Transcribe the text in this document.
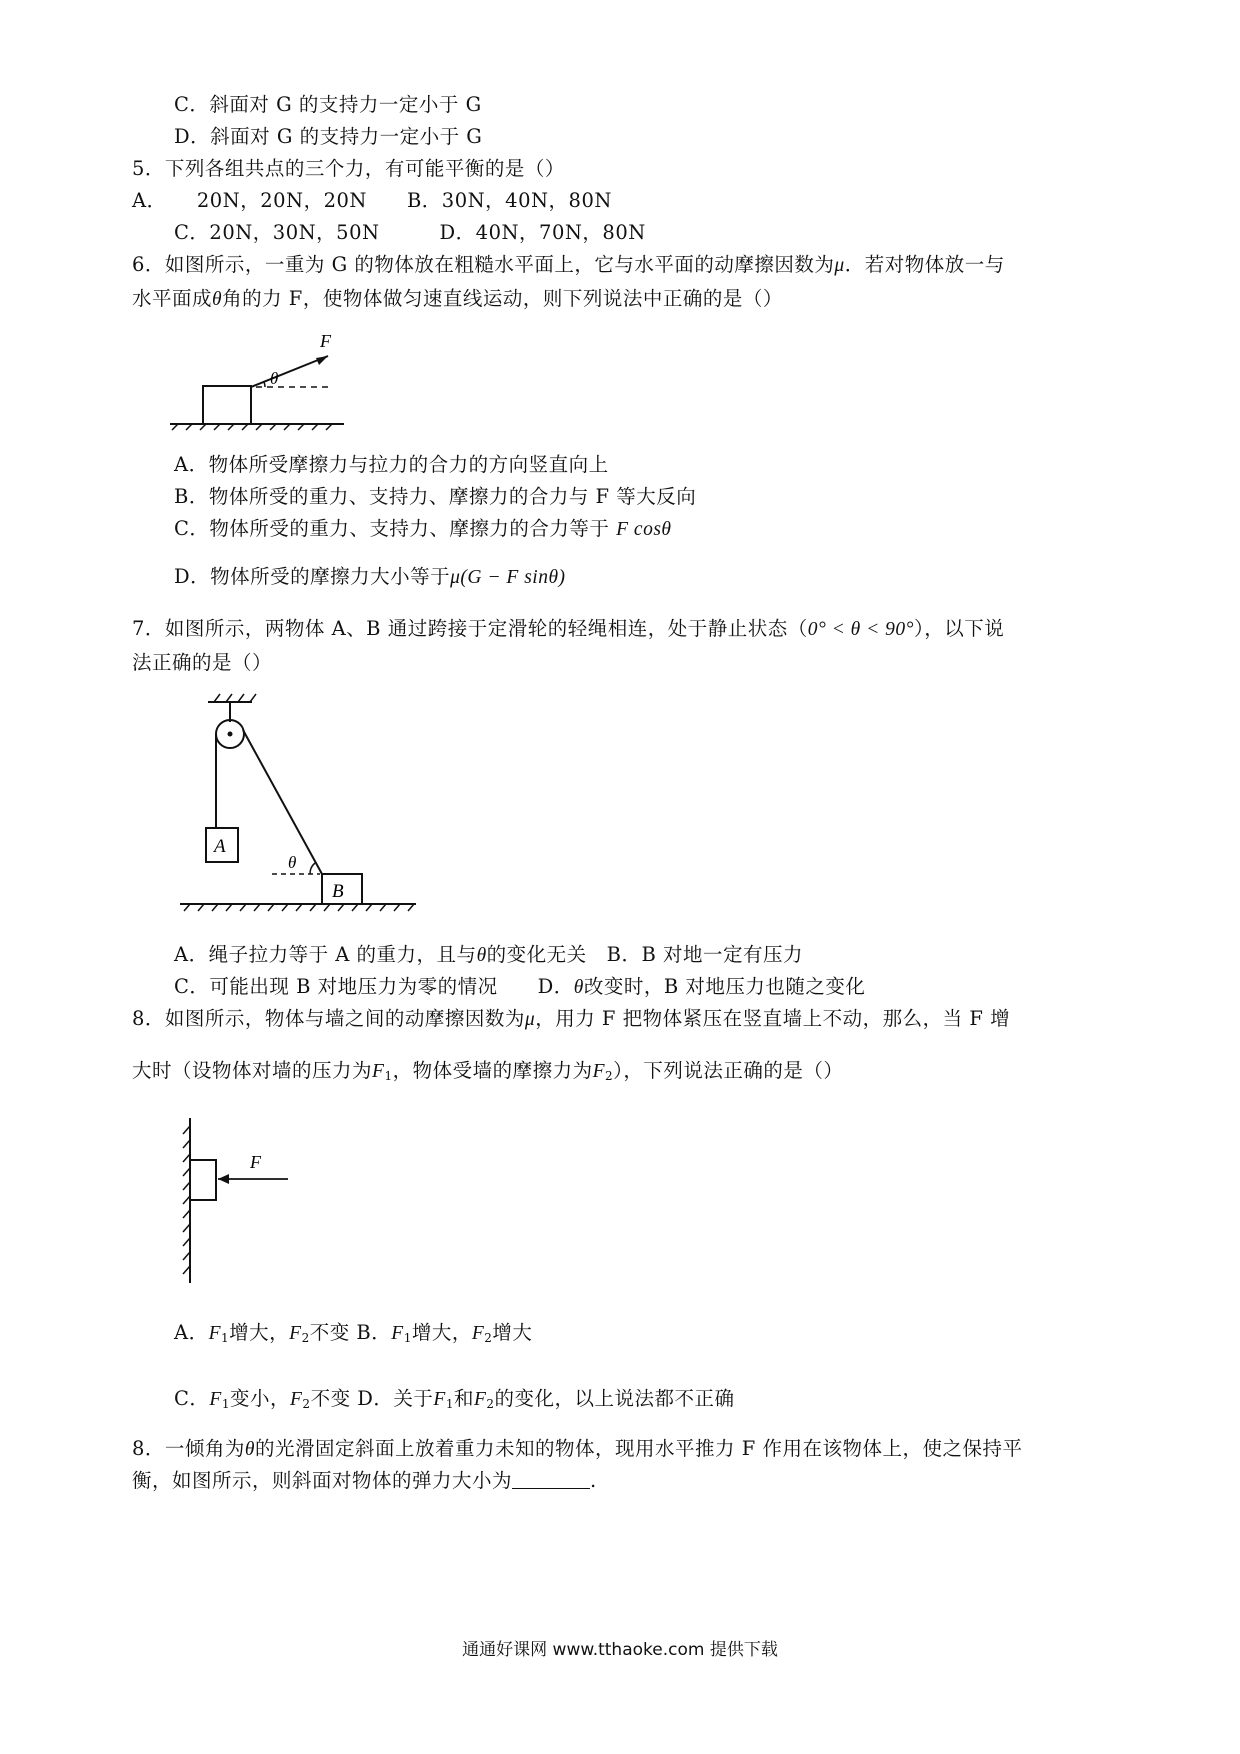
C．斜面对 G 的支持力一定小于 G
D．斜面对 G 的支持力一定小于 G
5．下列各组共点的三个力，有可能平衡的是（）
A．　　20N，20N，20N　　B．30N，40N，80N
C．20N，30N，50N　　　D．40N，70N，80N
6．如图所示，一重为 G 的物体放在粗糙水平面上，它与水平面的动摩擦因数为μ．若对物体放一与
水平面成θ角的力 F，使物体做匀速直线运动，则下列说法中正确的是（）
F
θ
A．物体所受摩擦力与拉力的合力的方向竖直向上
B．物体所受的重力、支持力、摩擦力的合力与 F 等大反向
C．物体所受的重力、支持力、摩擦力的合力等于 F cosθ
D．物体所受的摩擦力大小等于μ(G − F sinθ)
7．如图所示，两物体 A、B 通过跨接于定滑轮的轻绳相连，处于静止状态（0° < θ < 90°），以下说
法正确的是（）
A
B
θ
A．绳子拉力等于 A 的重力，且与θ的变化无关　B．B 对地一定有压力
C．可能出现 B 对地压力为零的情况　　D．θ改变时，B 对地压力也随之变化
8．如图所示，物体与墙之间的动摩擦因数为μ，用力 F 把物体紧压在竖直墙上不动，那么，当 F 增
大时（设物体对墙的压力为$F_1$，物体受墙的摩擦力为$F_2$），下列说法正确的是（）
F
A．$F_1$增大，$F_2$不变 B．$F_1$增大，$F_2$增大
C．$F_1$变小，$F_2$不变 D．关于$F_1$和$F_2$的变化，以上说法都不正确
8．一倾角为θ的光滑固定斜面上放着重力未知的物体，现用水平推力 F 作用在该物体上，使之保持平
衡，如图所示，则斜面对物体的弹力大小为	.
通通好课网 www.tthaoke.com 提供下载
